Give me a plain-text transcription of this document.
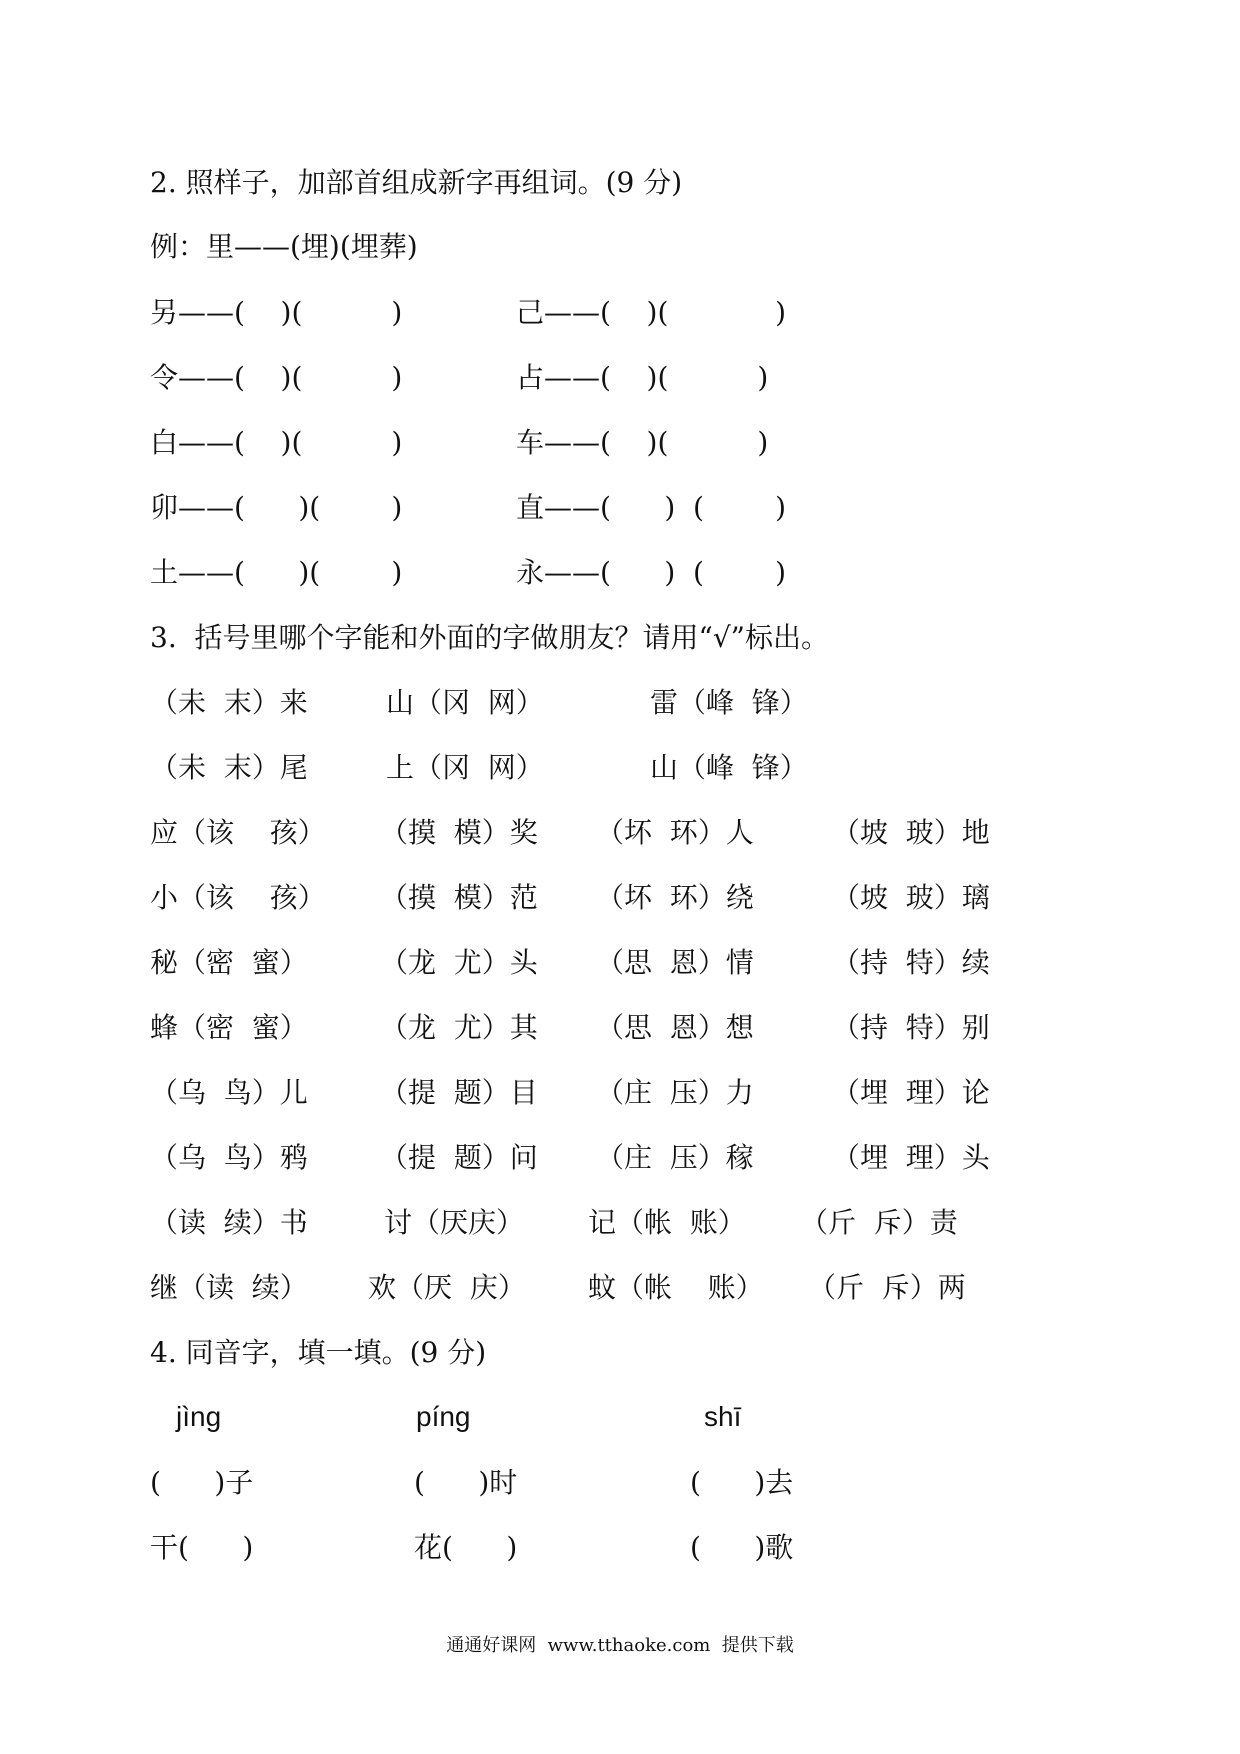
2. 照样子，加部首组成新字再组词。(9 分)
例：里——(埋)(埋葬)
另——(    )(          )	己——(    )(            )
令——(    )(          )	占——(    )(          )
白——(    )(          )	车——(    )(          )
卯——(      )(        )	直——(      )  (        )
土——(      )(        )	永——(      )  (        )
3.  括号里哪个字能和外面的字做朋友？请用“√”标出。
（未  末）来	山（冈  网）	雷（峰  锋）
（未  末）尾	上（冈  网）	山（峰  锋）
应（该    孩） （摸  模）奖 （坏  环）人	（坡  玻）地
小（该    孩） （摸  模）范 （坏  环）绕	（坡  玻）璃
秘（密  蜜）	（龙  尤）头 （思  恩）情	（持  特）续
蜂（密  蜜）	（龙  尤）其 （思  恩）想	（持  特）别
（乌  鸟）儿	（提  题）目 （庄  压）力	（埋  理）论
（乌  鸟）鸦	（提  题）问 （庄  压）稼	（埋  理）头
（读  续）书	讨（厌庆） 记（帐  账） （斤  斥）责
继（读  续） 欢（厌  庆） 蚊（帐    账） （斤  斥）两
4. 同音字，填一填。(9 分)
jìng	píng	shī
(      )子	(      )时	(      )去
干(      )	花(      )	(      )歌
通通好课网  www.tthaoke.com  提供下载
